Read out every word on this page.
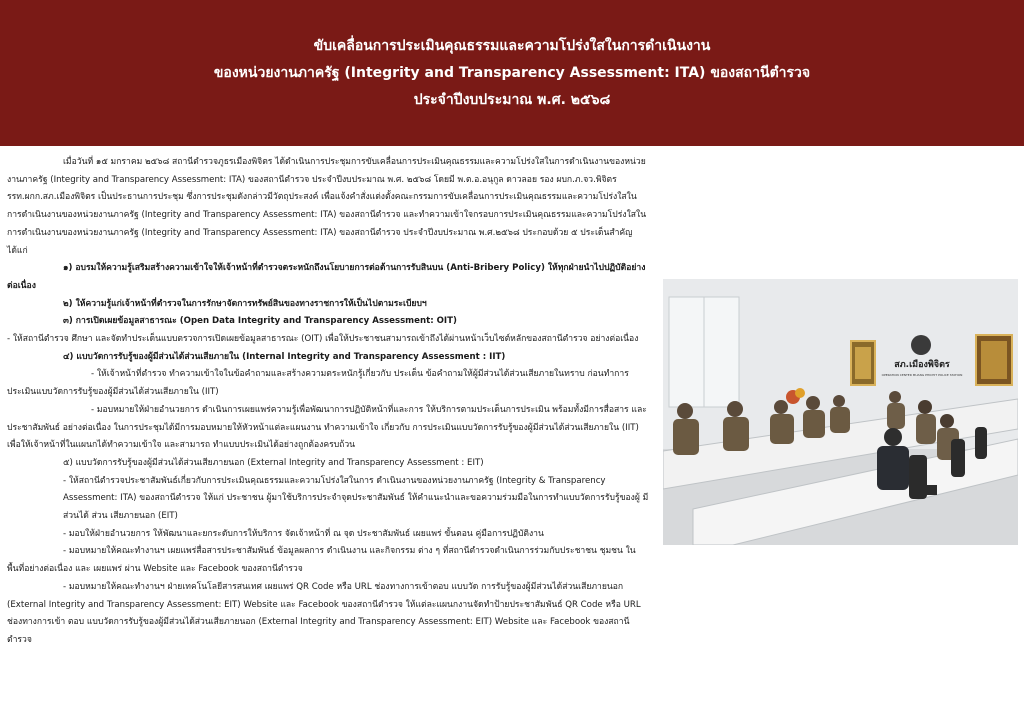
ขับเคลื่อนการประเมินคุณธรรมและความโปร่งใสในการดำเนินงาน
ของหน่วยงานภาครัฐ (Integrity and Transparency Assessment: ITA) ของสถานีตำรวจ
ประจำปีงบประมาณ พ.ศ. ๒๕๖๘

เมื่อวันที่ ๑๕ มกราคม ๒๕๖๘ สถานีตำรวจภูธรเมืองพิจิตร ได้ดำเนินการประชุมการขับเคลื่อนการประเมินคุณธรรมและความโปร่งใสในการดำเนินงานของหน่วยงานภาครัฐ (Integrity and Transparency Assessment: ITA) ของสถานีตำรวจ ประจำปีงบประมาณ พ.ศ. ๒๕๖๘ โดยมี พ.ต.อ.อนุกูล ดาวลอย รอง ผบก.ภ.จว.พิจิตร รรท.ผกก.สภ.เมืองพิจิตร เป็นประธานการประชุม ซึ่งการประชุมดังกล่าวมีวัตถุประสงค์ เพื่อแจ้งคำสั่งแต่งตั้งคณะกรรมการขับเคลื่อนการประเมินคุณธรรมและความโปร่งใสในการดำเนินงานของหน่วยงานภาครัฐ (Integrity and Transparency Assessment: ITA) ของสถานีตำรวจ และทำความเข้าใจกรอบการประเมินคุณธรรมและความโปร่งใสในการดำเนินงานของหน่วยงานภาครัฐ (Integrity and Transparency Assessment: ITA) ของสถานีตำรวจ ประจำปีงบประมาณ พ.ศ.๒๕๖๘ ประกอบด้วย ๕ ประเด็นสำคัญ ได้แก่

๑) อบรมให้ความรู้เสริมสร้างความเข้าใจให้เจ้าหน้าที่ตำรวจตระหนักถึงนโยบายการต่อต้านการรับสินบน (Anti-Bribery Policy) ให้ทุกฝ่ายนำไปปฏิบัติอย่างต่อเนื่อง

๒) ให้ความรู้แก่เจ้าหน้าที่ตำรวจในการรักษาจัดการทรัพย์สินของทางราชการให้เป็นไปตามระเบียบฯ

๓) การเปิดเผยข้อมูลสาธารณะ (Open Data Integrity and Transparency Assessment: OIT)

- ให้สถานีตำรวจ ศึกษา และจัดทำประเด็นแบบตรวจการเปิดเผยข้อมูลสาธารณะ (OIT) เพื่อให้ประชาชนสามารถเข้าถึงได้ผ่านหน้าเว็บไซต์หลักของสถานีตำรวจ อย่างต่อเนื่อง

๔) แบบวัดการรับรู้ของผู้มีส่วนได้ส่วนเสียภายใน (Internal Integrity and Transparency Assessment : IIT)

- ให้เจ้าหน้าที่ตำรวจ ทำความเข้าใจในข้อคำถามและสร้างความตระหนักรู้เกี่ยวกับ ประเด็น ข้อคำถามให้ผู้มีส่วนได้ส่วนเสียภายในทราบ ก่อนทำการประเมินแบบวัดการรับรู้ของผู้มีส่วนได้ส่วนเสียภายใน (IIT)

- มอบหมายให้ฝ่ายอำนวยการ ดำเนินการเผยแพร่ความรู้เพื่อพัฒนาการปฏิบัติหน้าที่และการ ให้บริการตามประเด็นการประเมิน พร้อมทั้งมีการสื่อสาร และประชาสัมพันธ์ อย่างต่อเนื่อง ในการประชุมได้มีการมอบหมายให้หัวหน้าแต่ละแผนงาน ทำความเข้าใจ เกี่ยวกับ การประเมินแบบวัดการรับรู้ของผู้มีส่วนได้ส่วนเสียภายใน (IIT) เพื่อให้เจ้าหน้าที่ในแผนกได้ทำความเข้าใจ และสามารถ ทำแบบประเมินได้อย่างถูกต้องครบถ้วน

๕) แบบวัดการรับรู้ของผู้มีส่วนได้ส่วนเสียภายนอก (External Integrity and Transparency Assessment : EIT)

- ให้สถานีตำรวจประชาสัมพันธ์เกี่ยวกับการประเมินคุณธรรมและความโปร่งใสในการ ดำเนินงานของหน่วยงานภาครัฐ (Integrity & Transparency Assessment: ITA) ของสถานีตำรวจ ให้แก่ ประชาชน ผู้มาใช้บริการประจำจุดประชาสัมพันธ์ ให้คำแนะนำและขอความร่วมมือในการทำแบบวัดการรับรู้ของผู้ มีส่วนได้ ส่วน เสียภายนอก (EIT)

- มอบให้ฝ่ายอำนวยการ ให้พัฒนาและยกระดับการให้บริการ จัดเจ้าหน้าที่ ณ จุด ประชาสัมพันธ์ เผยแพร่ ขั้นตอน คู่มือการปฏิบัติงาน

- มอบหมายให้คณะทำงานฯ เผยแพร่สื่อสารประชาสัมพันธ์ ข้อมูลผลการ ดำเนินงาน และกิจกรรม ต่าง ๆ ที่สถานีตำรวจดำเนินการร่วมกับประชาชน ชุมชน ในพื้นที่อย่างต่อเนื่อง และ เผยแพร่ ผ่าน Website และ Facebook ของสถานีตำรวจ

- มอบหมายให้คณะทำงานฯ ฝ่ายเทคโนโลยีสารสนเทศ เผยแพร่ QR Code หรือ URL ช่องทางการเข้าตอบ แบบวัด การรับรู้ของผู้มีส่วนได้ส่วนเสียภายนอก (External Integrity and Transparency Assessment: EIT) Website และ Facebook ของสถานีตำรวจ ให้แต่ละแผนกงานจัดทำป้ายประชาสัมพันธ์ QR Code หรือ URL ช่องทางการเข้า ตอบ แบบวัดการรับรู้ของผู้มีส่วนได้ส่วนเสียภายนอก (External Integrity and Transparency Assessment: EIT) Website และ Facebook ของสถานีตำรวจ

สภ.เมืองพิจิตร
OPERATION CENTER MUANG PHICHIT POLICE STATION
